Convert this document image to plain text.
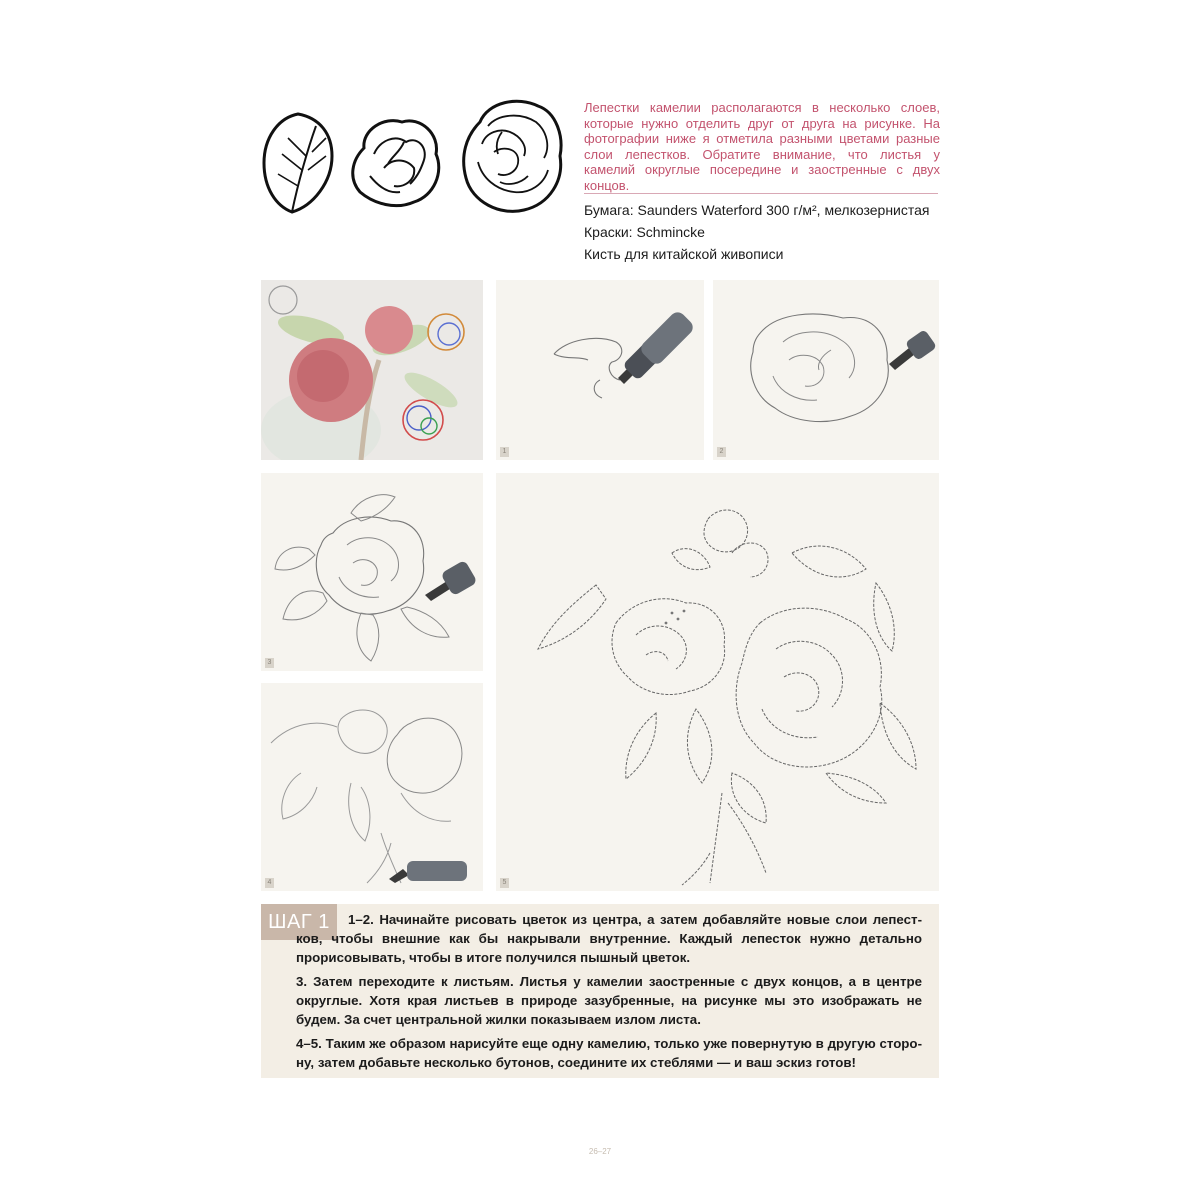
Лепестки камелии располагаются в несколько слоев, которые нужно отделить друг от друга на рисунке. На фотографии ниже я отметила разными цветами разные слои лепестков. Обратите внимание, что листья у камелий округлые посередине и заостренные с двух концов.
Бумага: Saunders Waterford 300 г/м², мелкозернистая
Краски: Schmincke
Кисть для китайской живописи
1	2
3
4	5
ШАГ 1	1–2. Начинайте рисовать цветок из центра, а затем добавляйте новые слои лепестков, чтобы внешние как бы накрывали внутренние. Каждый лепесток нужно детально прорисовывать, чтобы в итоге получился пышный цветок.

3. Затем переходите к листьям. Листья у камелии заостренные с двух концов, а в центре округлые. Хотя края листьев в природе зазубренные, на рисунке мы это изображать не будем. За счет центральной жилки показываем излом листа.

4–5. Таким же образом нарисуйте еще одну камелию, только уже повернутую в другую сторону, затем добавьте несколько бутонов, соедините их стеблями — и ваш эскиз готов!

26–27
